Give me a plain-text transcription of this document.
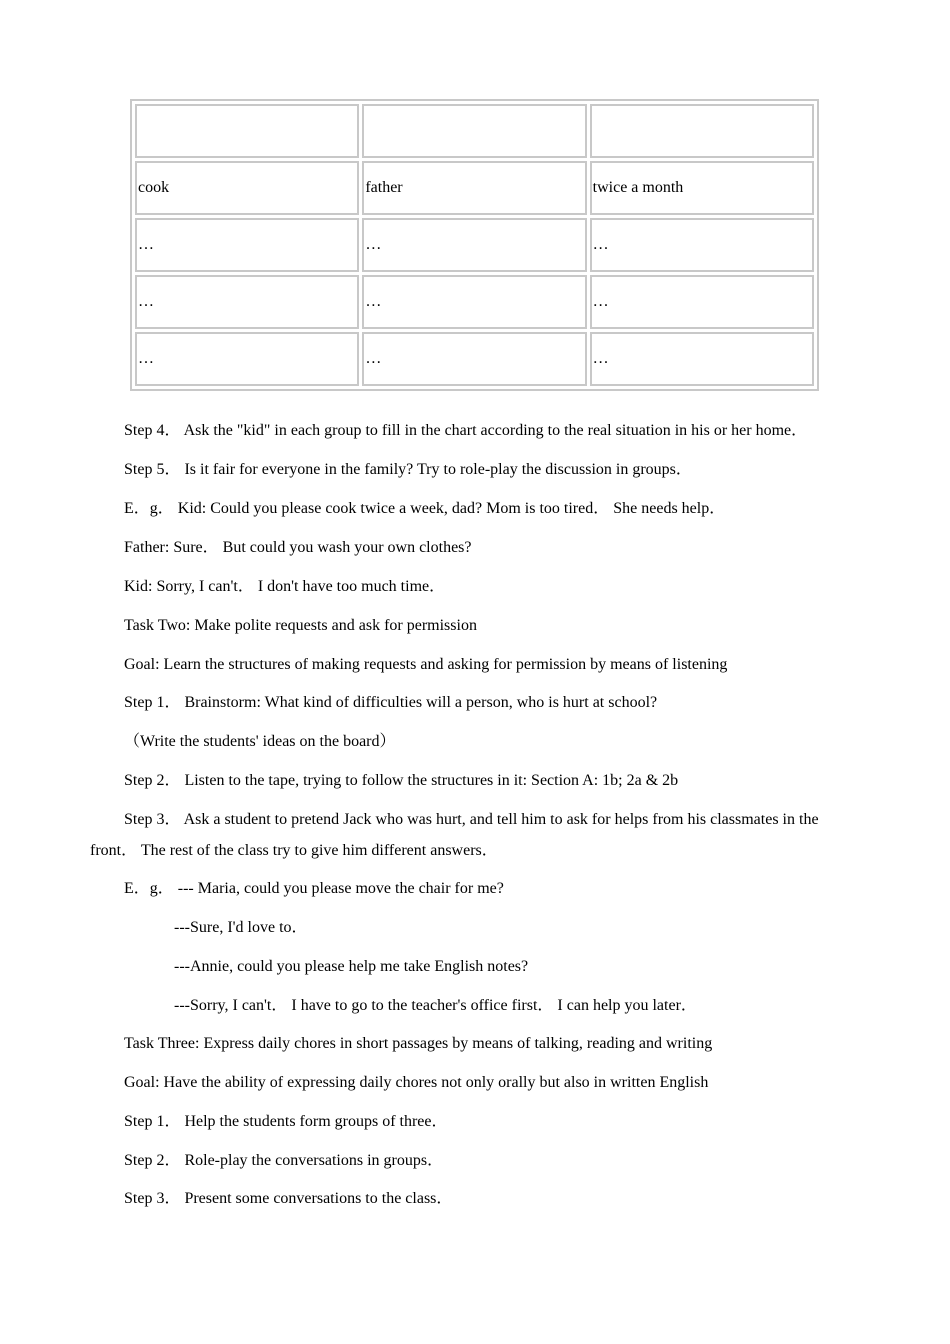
cook	father	twice a month
…	…	…
…	…	…
…	…	…
Step 4． Ask the "kid" in each group to fill in the chart according to the real situation in his or her home．
Step 5． Is it fair for everyone in the family? Try to role-play the discussion in groups．
E．g． Kid: Could you please cook twice a week, dad? Mom is too tired． She needs help．
Father: Sure． But could you wash your own clothes?
Kid: Sorry, I can't． I don't have too much time．
Task Two: Make polite requests and ask for permission
Goal: Learn the structures of making requests and asking for permission by means of listening
Step 1． Brainstorm: What kind of difficulties will a person, who is hurt at school?
（Write the students' ideas on the board）
Step 2． Listen to the tape, trying to follow the structures in it: Section A: 1b; 2a & 2b
Step 3． Ask a student to pretend Jack who was hurt, and tell him to ask for helps from his classmates in the front． The rest of the class try to give him different answers．
E．g． --- Maria, could you please move the chair for me?
---Sure, I'd love to．
---Annie, could you please help me take English notes?
---Sorry, I can't． I have to go to the teacher's office first． I can help you later．
Task Three: Express daily chores in short passages by means of talking, reading and writing
Goal: Have the ability of expressing daily chores not only orally but also in written English
Step 1． Help the students form groups of three．
Step 2． Role-play the conversations in groups．
Step 3． Present some conversations to the class．
